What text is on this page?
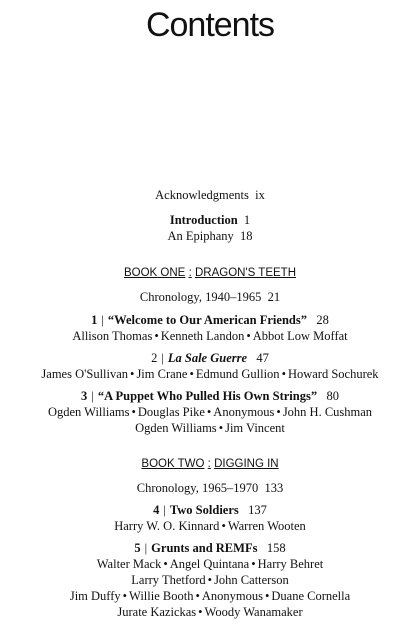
Contents
Acknowledgments ix
Introduction 1
An Epiphany 18
BOOK ONE : DRAGON'S TEETH
Chronology, 1940–1965 21
1 | “Welcome to Our American Friends” 28
Allison Thomas • Kenneth Landon • Abbot Low Moffat
2 | La Sale Guerre 47
James O'Sullivan • Jim Crane • Edmund Gullion • Howard Sochurek
3 | “A Puppet Who Pulled His Own Strings” 80
Ogden Williams • Douglas Pike • Anonymous • John H. Cushman
Ogden Williams • Jim Vincent
BOOK TWO : DIGGING IN
Chronology, 1965–1970 133
4 | Two Soldiers 137
Harry W. O. Kinnard • Warren Wooten
5 | Grunts and REMFs 158
Walter Mack • Angel Quintana • Harry Behret
Larry Thetford • John Catterson
Jim Duffy • Willie Booth • Anonymous • Duane Cornella
Jurate Kazickas • Woody Wanamaker
